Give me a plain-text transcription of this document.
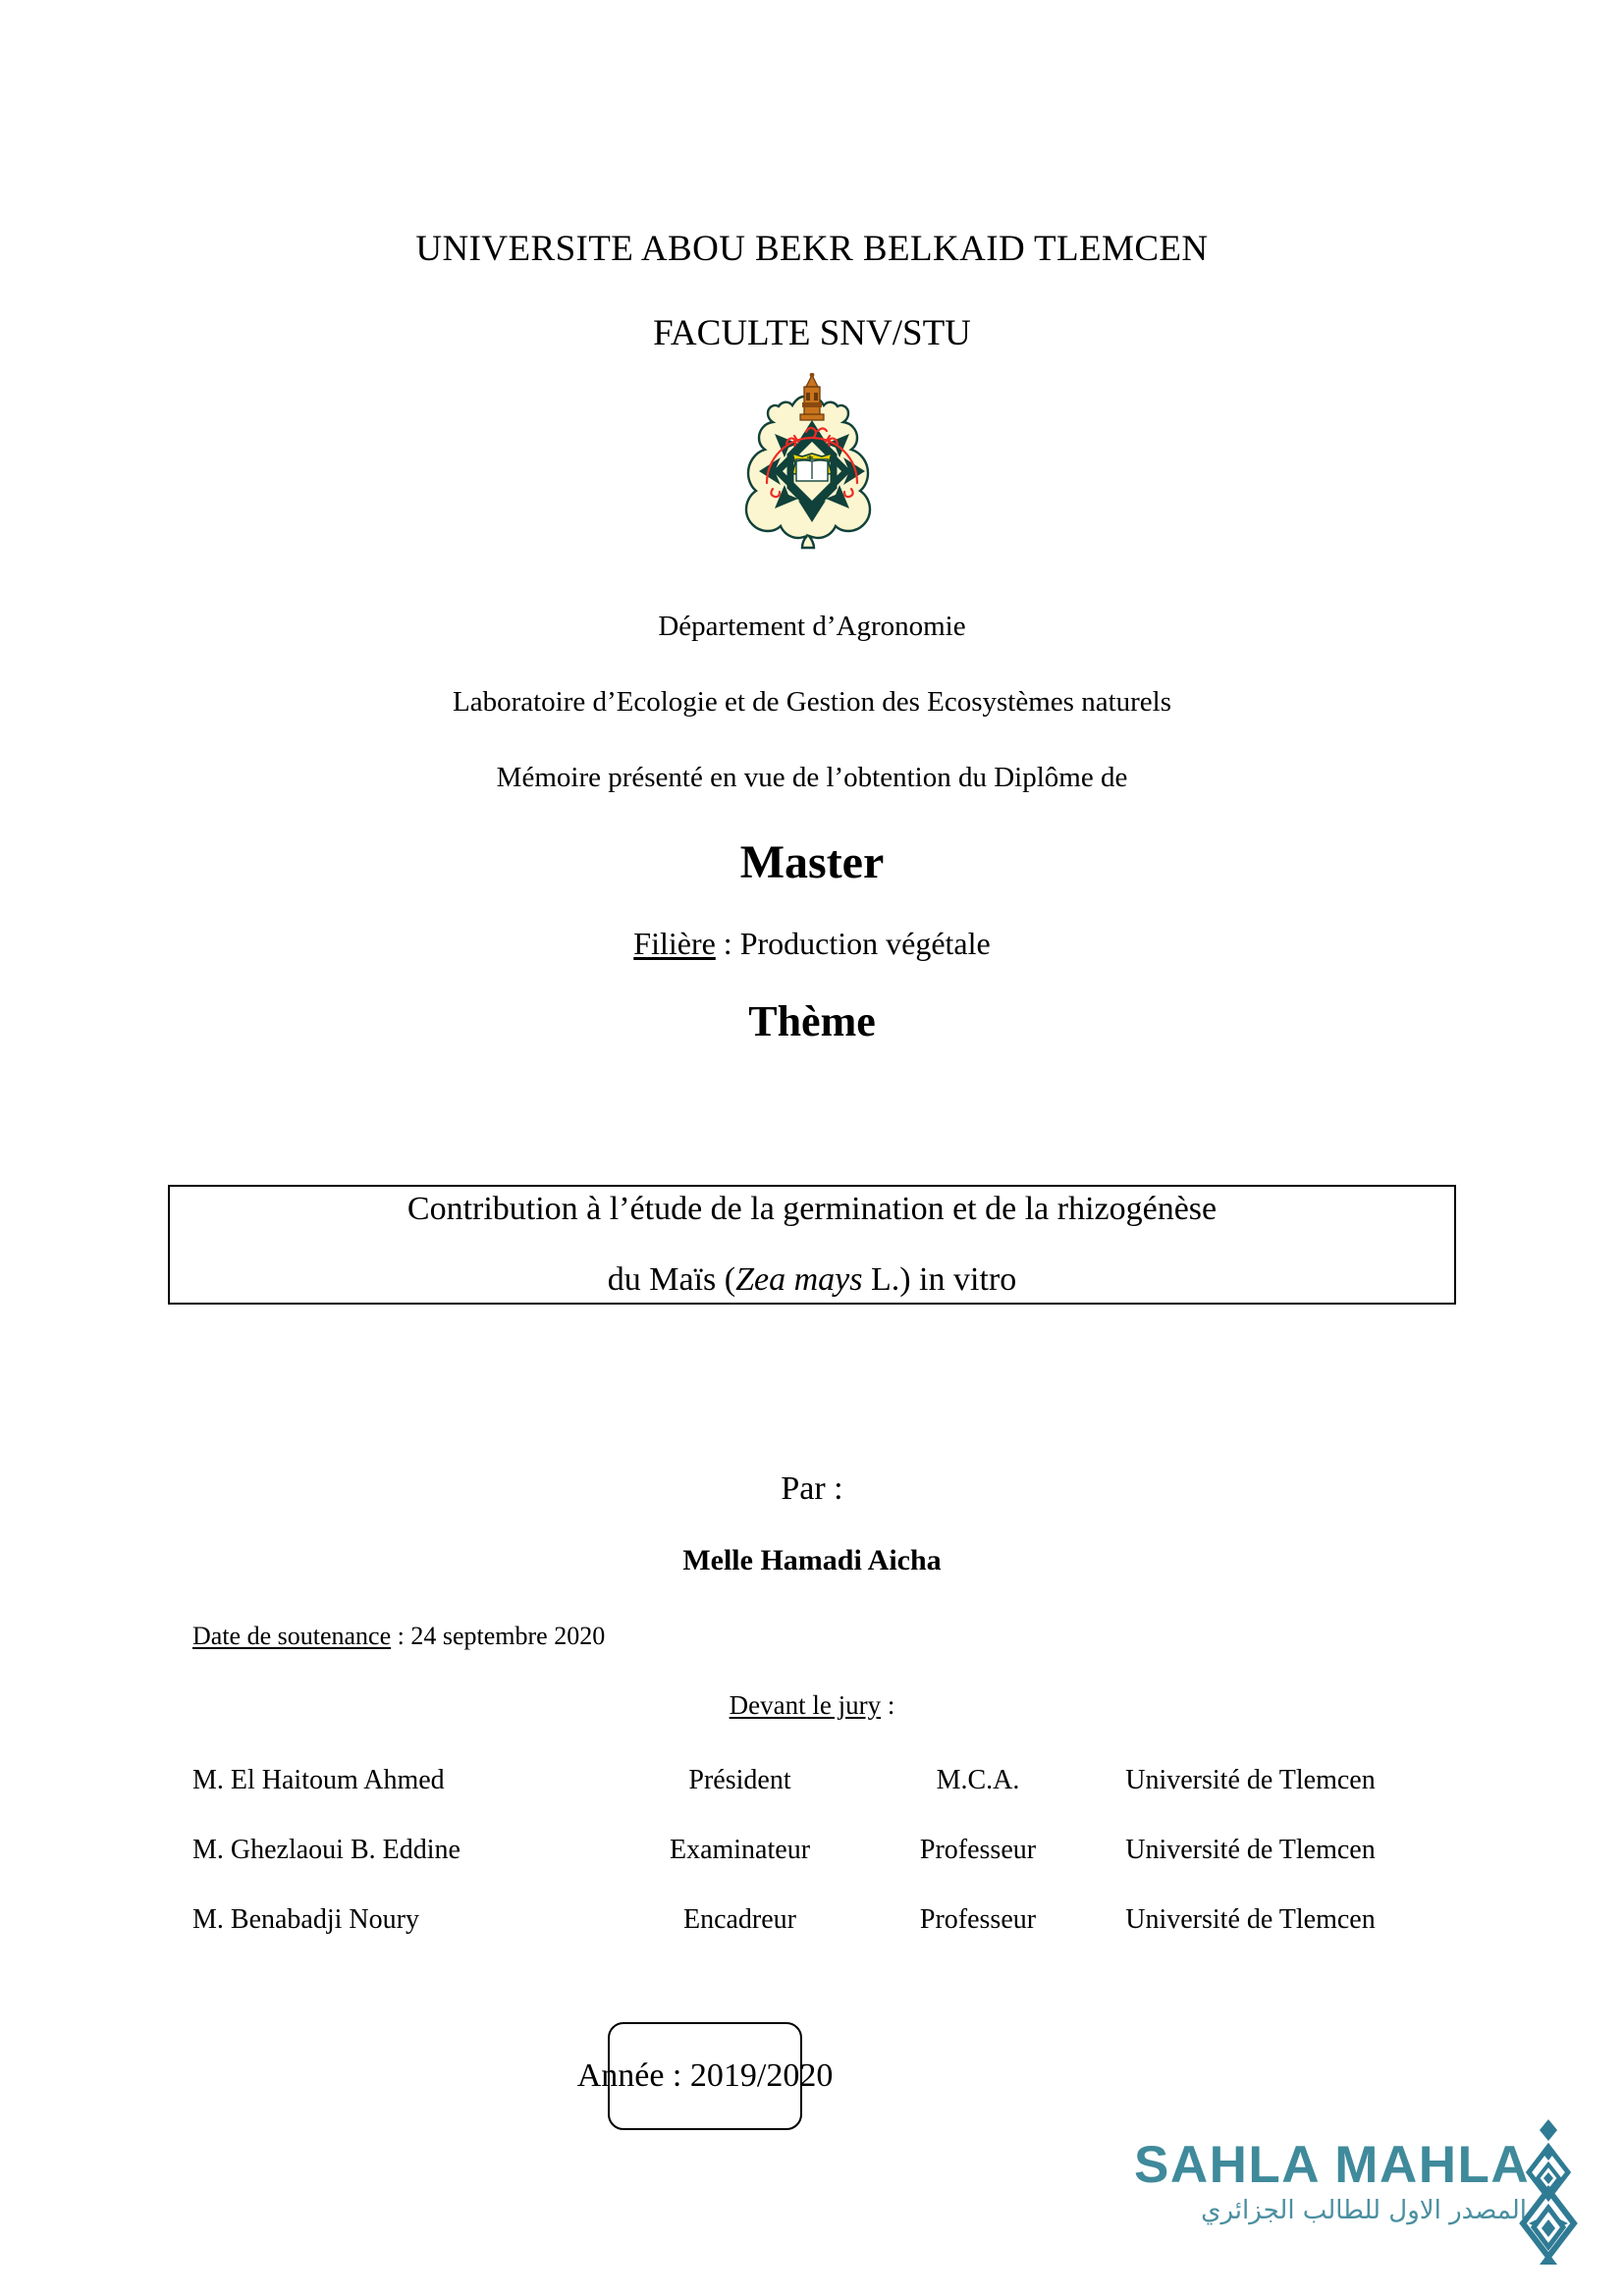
UNIVERSITE ABOU BEKR BELKAID TLEMCEN
FACULTE SNV/STU
Département d’Agronomie
Laboratoire d’Ecologie et de Gestion des Ecosystèmes naturels
Mémoire présenté en vue de l’obtention du Diplôme de
Master
Filière : Production végétale
Thème
Contribution à l’étude de la germination et de la rhizogénèse
du Maïs (Zea mays L.) in vitro
Par :
Melle Hamadi Aicha
Date de soutenance : 24 septembre 2020
Devant le jury :
M. El Haitoum Ahmed	Président	M.C.A.	Université de Tlemcen
M. Ghezlaoui B. Eddine	Examinateur	Professeur	Université de Tlemcen
M. Benabadji Noury	Encadreur	Professeur	Université de Tlemcen
Année : 2019/2020
SAHLA MAHLA
المصدر الاول للطالب الجزائري
